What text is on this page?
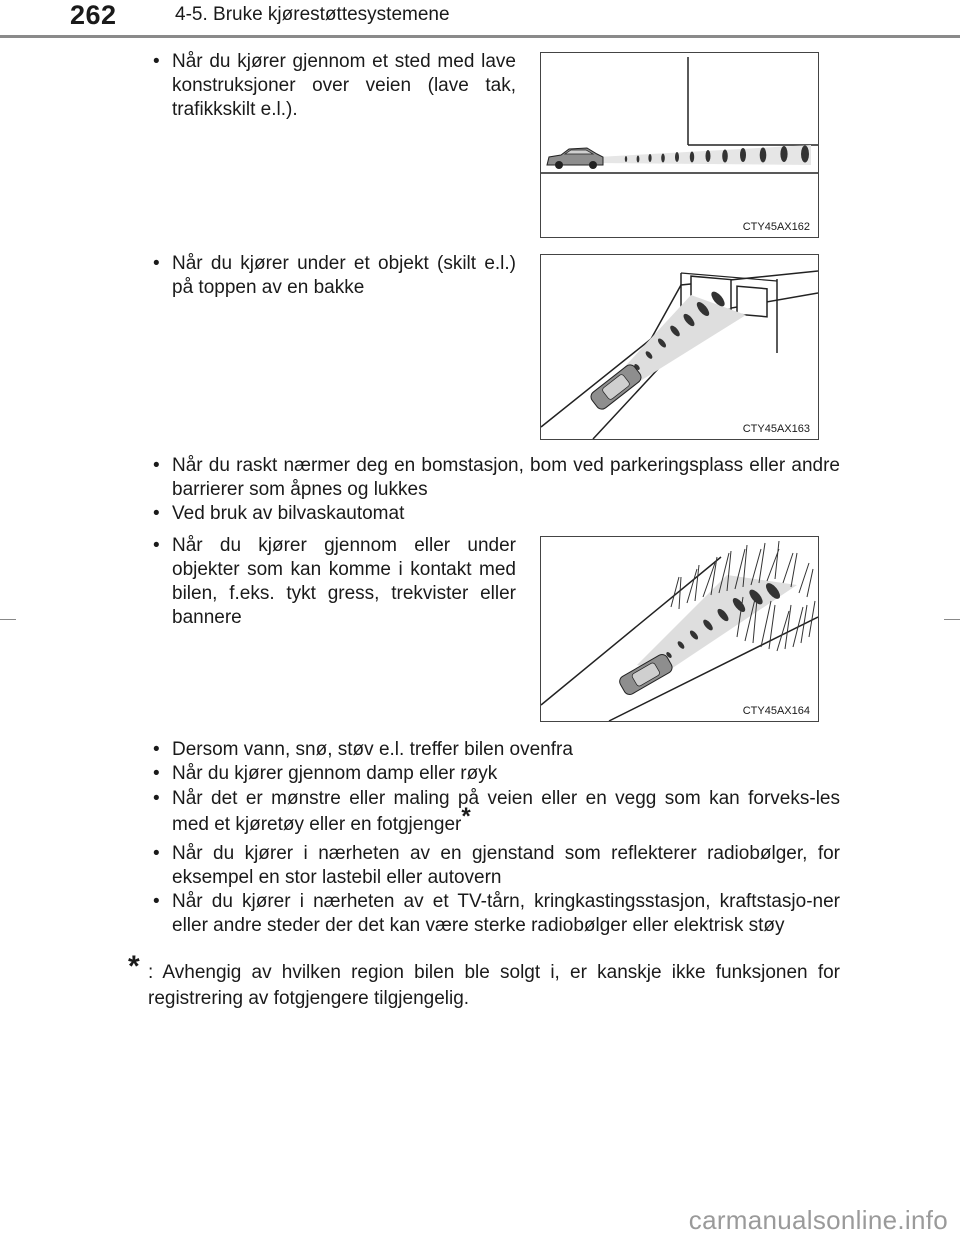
262	4-5. Bruke kjørestøttesystemene
• Når du kjører gjennom et sted med lave konstruksjoner over veien (lave tak, trafikkskilt e.l.).
CTY45AX162
• Når du kjører under et objekt (skilt e.l.) på toppen av en bakke
CTY45AX163
• Når du raskt nærmer deg en bomstasjon, bom ved parkeringsplass eller andre barrierer som åpnes og lukkes
• Ved bruk av bilvaskautomat
• Når du kjører gjennom eller under objekter som kan komme i kontakt med bilen, f.eks. tykt gress, trekvister eller bannere
CTY45AX164
• Dersom vann, snø, støv e.l. treffer bilen ovenfra
• Når du kjører gjennom damp eller røyk
• Når det er mønstre eller maling på veien eller en vegg som kan forveks-les med et kjøretøy eller en fotgjenger*
• Når du kjører i nærheten av en gjenstand som reflekterer radiobølger, for eksempel en stor lastebil eller autovern
• Når du kjører i nærheten av et TV-tårn, kringkastingsstasjon, kraftstasjo-ner eller andre steder der det kan være sterke radiobølger eller elektrisk støy
* : Avhengig av hvilken region bilen ble solgt i, er kanskje ikke funksjonen for registrering av fotgjengere tilgjengelig.
carmanualsonline.info
